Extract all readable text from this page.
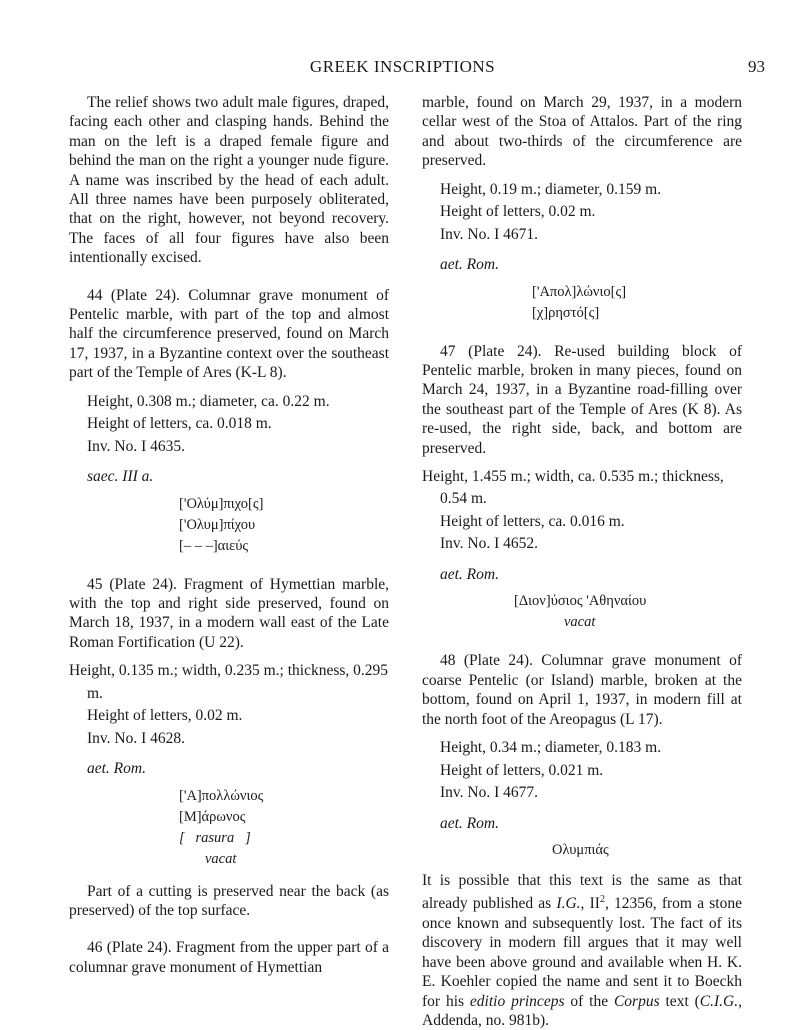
GREEK INSCRIPTIONS	93

The relief shows two adult male figures, draped, facing each other and clasping hands. Behind the man on the left is a draped female figure and behind the man on the right a younger nude figure. A name was inscribed by the head of each adult. All three names have been purposely obliterated, that on the right, however, not beyond recovery. The faces of all four figures have also been intentionally excised.

44 (Plate 24). Columnar grave monument of Pentelic marble, with part of the top and almost half the circumference preserved, found on March 17, 1937, in a Byzantine context over the southeast part of the Temple of Ares (K-L 8).

Height, 0.308 m.; diameter, ca. 0.22 m.
Height of letters, ca. 0.018 m.
Inv. No. I 4635.
saec. III a.
['Ολύμ]πιχο[ς]
['Ολυμ]πίχου
[– – –]αιεύς

45 (Plate 24). Fragment of Hymettian marble, with the top and right side preserved, found on March 18, 1937, in a modern wall east of the Late Roman Fortification (U 22).

Height, 0.135 m.; width, 0.235 m.; thickness, 0.295 m.
Height of letters, 0.02 m.
Inv. No. I 4628.
aet. Rom.
['A]πολλώνιος
[M]άρωνος
[   rasura   ]
vacat

Part of a cutting is preserved near the back (as preserved) of the top surface.

46 (Plate 24). Fragment from the upper part of a columnar grave monument of Hymettian

marble, found on March 29, 1937, in a modern cellar west of the Stoa of Attalos. Part of the ring and about two-thirds of the circumference are preserved.

Height, 0.19 m.; diameter, 0.159 m.
Height of letters, 0.02 m.
Inv. No. I 4671.
aet. Rom.
['Aπολ]λώνιο[ς]
[χ]ρηστό[ς]

47 (Plate 24). Re-used building block of Pentelic marble, broken in many pieces, found on March 24, 1937, in a Byzantine road-filling over the southeast part of the Temple of Ares (K 8). As re-used, the right side, back, and bottom are preserved.

Height, 1.455 m.; width, ca. 0.535 m.; thickness, 0.54 m.
Height of letters, ca. 0.016 m.
Inv. No. I 4652.
aet. Rom.
[Διον]ύσιος 'Αθηναίου
vacat

48 (Plate 24). Columnar grave monument of coarse Pentelic (or Island) marble, broken at the bottom, found on April 1, 1937, in modern fill at the north foot of the Areopagus (L 17).

Height, 0.34 m.; diameter, 0.183 m.
Height of letters, 0.021 m.
Inv. No. I 4677.
aet. Rom.
Ολυμπιάς

It is possible that this text is the same as that already published as I.G., $II^2$, 12356, from a stone once known and subsequently lost. The fact of its discovery in modern fill argues that it may well have been above ground and available when H. K. E. Koehler copied the name and sent it to Boeckh for his editio princeps of the Corpus text (C.I.G., Addenda, no. 981b).
